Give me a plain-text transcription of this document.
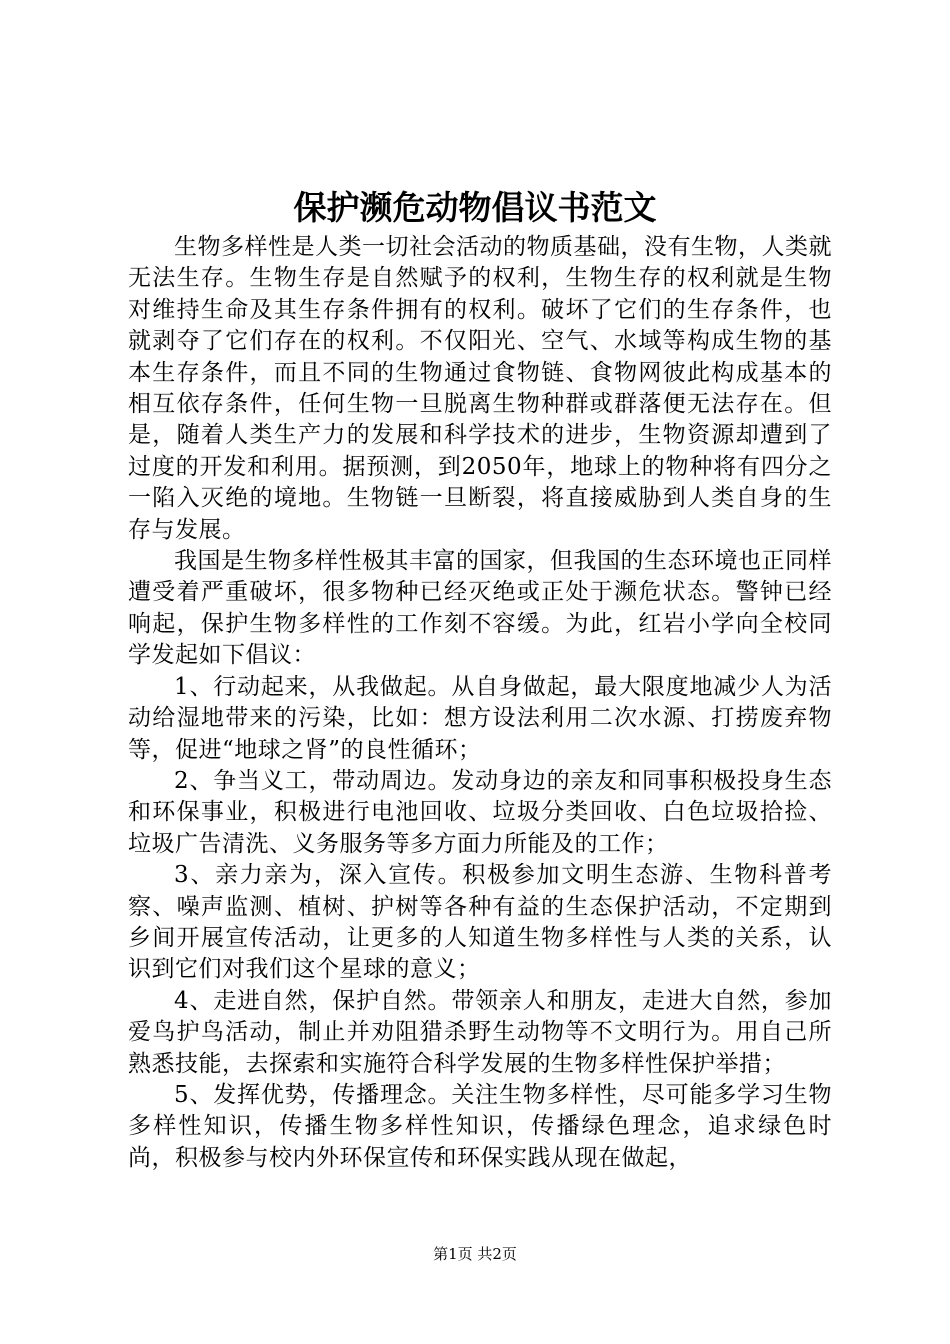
保护濒危动物倡议书范文

生物多样性是人类一切社会活动的物质基础，没有生物，人类就无法生存。生物生存是自然赋予的权利，生物生存的权利就是生物对维持生命及其生存条件拥有的权利。破坏了它们的生存条件，也就剥夺了它们存在的权利。不仅阳光、空气、水域等构成生物的基本生存条件，而且不同的生物通过食物链、食物网彼此构成基本的相互依存条件，任何生物一旦脱离生物种群或群落便无法存在。但是，随着人类生产力的发展和科学技术的进步，生物资源却遭到了过度的开发和利用。据预测，到2050年，地球上的物种将有四分之一陷入灭绝的境地。生物链一旦断裂，将直接威胁到人类自身的生存与发展。

我国是生物多样性极其丰富的国家，但我国的生态环境也正同样遭受着严重破坏，很多物种已经灭绝或正处于濒危状态。警钟已经响起，保护生物多样性的工作刻不容缓。为此，红岩小学向全校同学发起如下倡议：

1、行动起来，从我做起。从自身做起，最大限度地减少人为活动给湿地带来的污染，比如：想方设法利用二次水源、打捞废弃物等，促进“地球之肾”的良性循环；

2、争当义工，带动周边。发动身边的亲友和同事积极投身生态和环保事业，积极进行电池回收、垃圾分类回收、白色垃圾拾捡、垃圾广告清洗、义务服务等多方面力所能及的工作；

3、亲力亲为，深入宣传。积极参加文明生态游、生物科普考察、噪声监测、植树、护树等各种有益的生态保护活动，不定期到乡间开展宣传活动，让更多的人知道生物多样性与人类的关系，认识到它们对我们这个星球的意义；

4、走进自然，保护自然。带领亲人和朋友，走进大自然，参加爱鸟护鸟活动，制止并劝阻猎杀野生动物等不文明行为。用自己所熟悉技能，去探索和实施符合科学发展的生物多样性保护举措；

5、发挥优势，传播理念。关注生物多样性，尽可能多学习生物多样性知识，传播生物多样性知识，传播绿色理念，追求绿色时尚，积极参与校内外环保宣传和环保实践从现在做起，

第1页 共2页
